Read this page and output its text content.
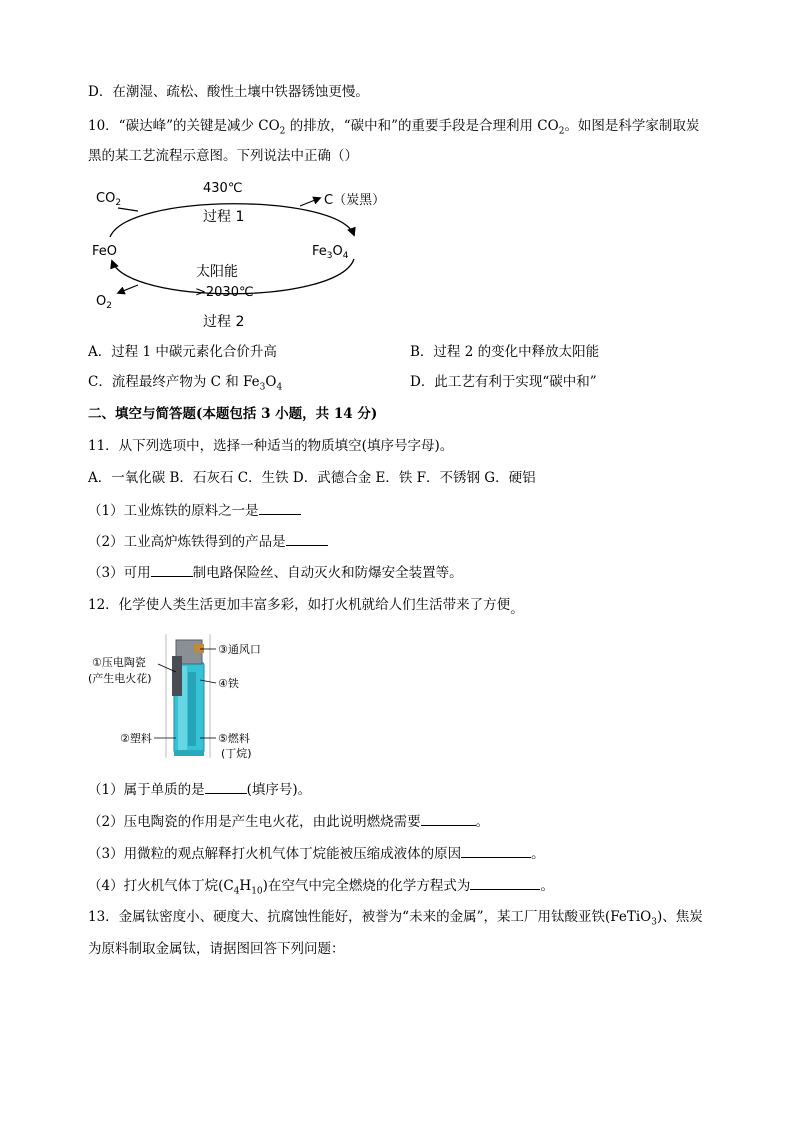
D．在潮湿、疏松、酸性土壤中铁器锈蚀更慢。
10．“碳达峰”的关键是减少 $CO_2$ 的排放，“碳中和”的重要手段是合理利用 $CO_2$。如图是科学家制取炭
黑的某工艺流程示意图。下列说法中正确（）
$CO_2$
430℃
C（炭黑）
过程 1
FeO	$Fe_3O_4$
太阳能
>2030℃
$O_2$
过程 2
A．过程 1 中碳元素化合价升高	B．过程 2 的变化中释放太阳能
C．流程最终产物为 C 和 $Fe_3O_4$	D．此工艺有利于实现“碳中和”
二、填空与简答题(本题包括 3 小题，共 14 分)
11．从下列选项中，选择一种适当的物质填空(填序号字母)。
A．一氧化碳 B．石灰石 C．生铁 D．武德合金 E．铁 F．不锈钢 G．硬铝
（1）工业炼铁的原料之一是
（2）工业高炉炼铁得到的产品是
（3）可用	制电路保险丝、自动灭火和防爆安全装置等。
12．化学使人类生活更加丰富多彩，如打火机就给人们生活带来了方便。
①压电陶瓷
(产生电火花)
②塑料
③通风口
④铁
⑤燃料
(丁烷)
（1）属于单质的是	(填序号)。
（2）压电陶瓷的作用是产生电火花，由此说明燃烧需要	。
（3）用微粒的观点解释打火机气体丁烷能被压缩成液体的原因	。
（4）打火机气体丁烷$(C_4H_{10})$在空气中完全燃烧的化学方程式为	。
13．金属钛密度小、硬度大、抗腐蚀性能好，被誉为“未来的金属”，某工厂用钛酸亚铁(FeTiO$_3$)、焦炭
为原料制取金属钛，请据图回答下列问题：
